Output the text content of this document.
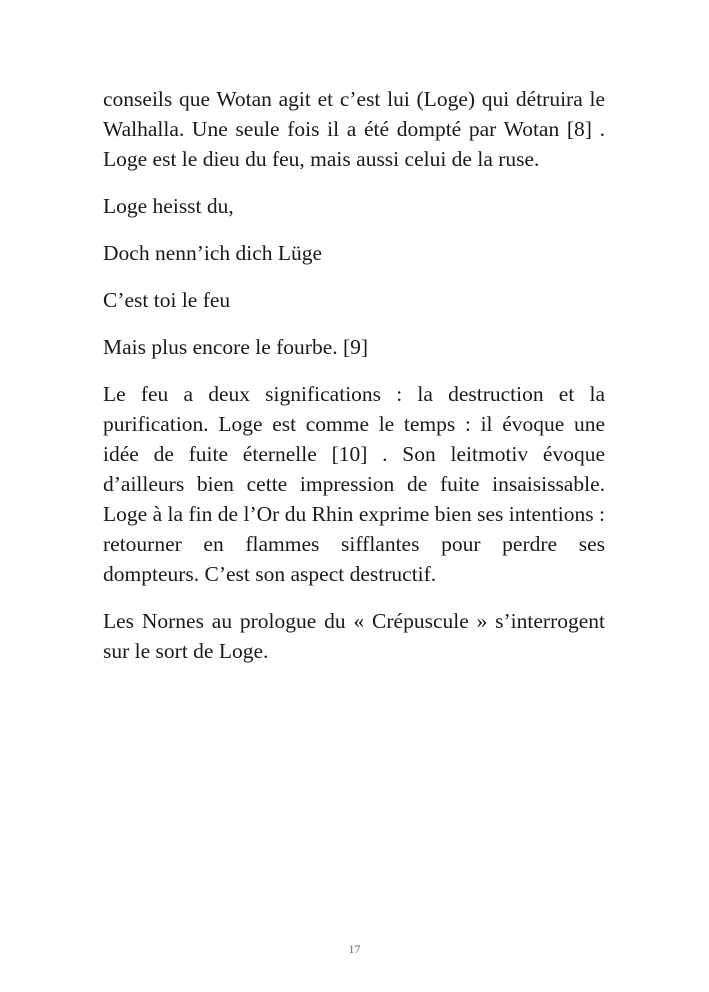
conseils que Wotan agit et c’est lui (Loge) qui détruira le Walhalla. Une seule fois il a été dompté par Wotan [8] . Loge est le dieu du feu, mais aussi celui de la ruse.

Loge heisst du,

Doch nenn’ich dich Lüge

C’est toi le feu

Mais plus encore le fourbe. [9]

Le feu a deux significations : la destruction et la purification. Loge est comme le temps : il évoque une idée de fuite éternelle [10] . Son leitmotiv évoque d’ailleurs bien cette impression de fuite insaisissable. Loge à la fin de l’Or du Rhin exprime bien ses intentions : retourner en flammes sifflantes pour perdre ses dompteurs. C’est son aspect destructif.

Les Nornes au prologue du « Crépuscule » s’interrogent sur le sort de Loge.

17
